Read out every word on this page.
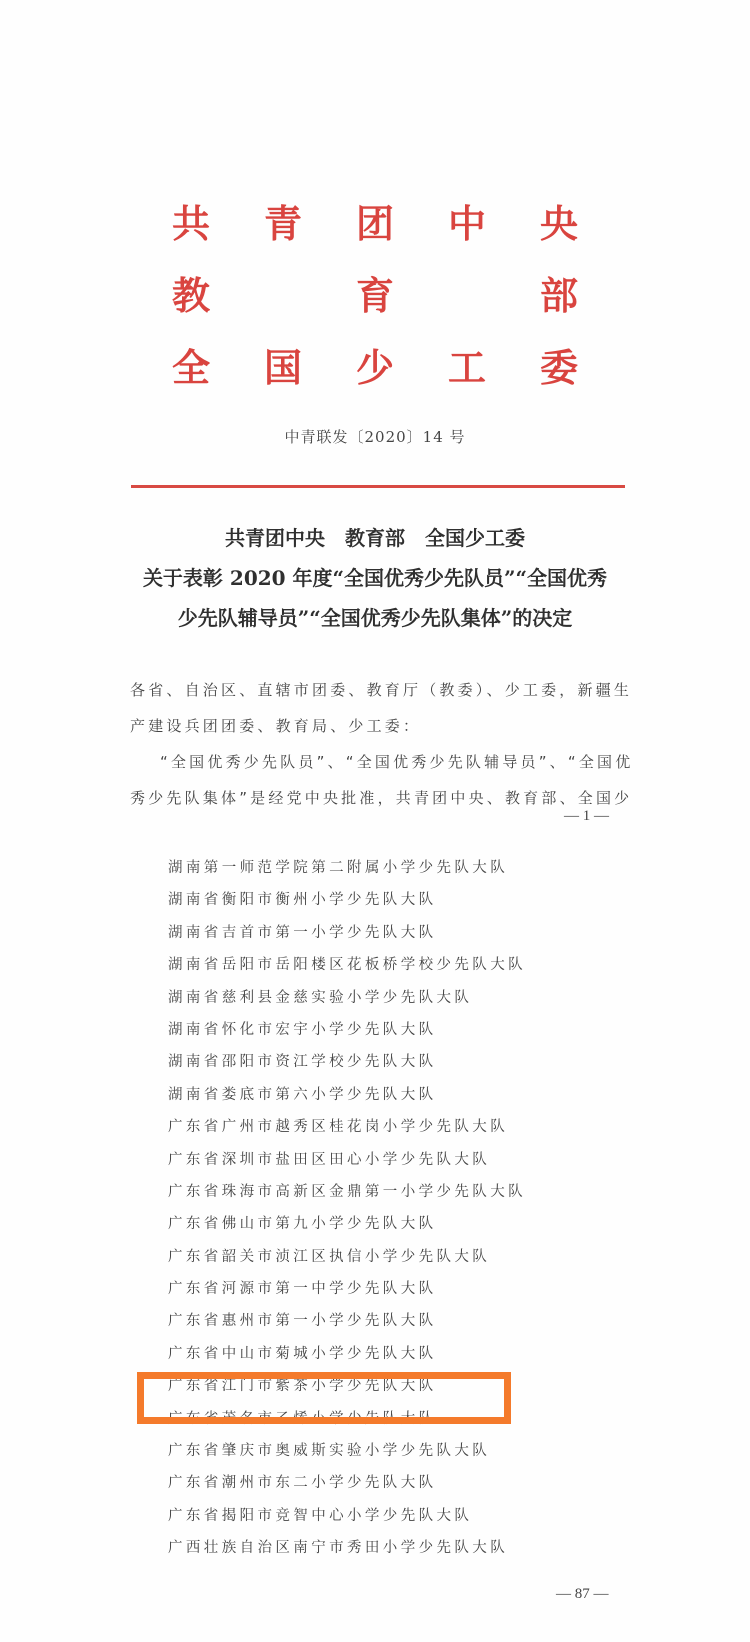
共 青 团 中 央
教	育	部
全 国 少 工 委
中青联发〔2020〕14 号
共青团中央　教育部　全国少工委
关于表彰 2020 年度“全国优秀少先队员”“全国优秀
少先队辅导员”“全国优秀少先队集体”的决定
各省、自治区、直辖市团委、教育厅（教委）、少工委，新疆生
产建设兵团团委、教育局、少工委：
“全国优秀少先队员”、“全国优秀少先队辅导员”、“全国优
秀少先队集体”是经党中央批准，共青团中央、教育部、全国少
— 1 —
湖南第一师范学院第二附属小学少先队大队
湖南省衡阳市衡州小学少先队大队
湖南省吉首市第一小学少先队大队
湖南省岳阳市岳阳楼区花板桥学校少先队大队
湖南省慈利县金慈实验小学少先队大队
湖南省怀化市宏宇小学少先队大队
湖南省邵阳市资江学校少先队大队
湖南省娄底市第六小学少先队大队
广东省广州市越秀区桂花岗小学少先队大队
广东省深圳市盐田区田心小学少先队大队
广东省珠海市高新区金鼎第一小学少先队大队
广东省佛山市第九小学少先队大队
广东省韶关市浈江区执信小学少先队大队
广东省河源市第一中学少先队大队
广东省惠州市第一小学少先队大队
广东省中山市菊城小学少先队大队
广东省江门市紫茶小学少先队大队
广东省茂名市乙烯小学少先队大队
广东省肇庆市奥威斯实验小学少先队大队
广东省潮州市东二小学少先队大队
广东省揭阳市竞智中心小学少先队大队
广西壮族自治区南宁市秀田小学少先队大队
— 87 —
